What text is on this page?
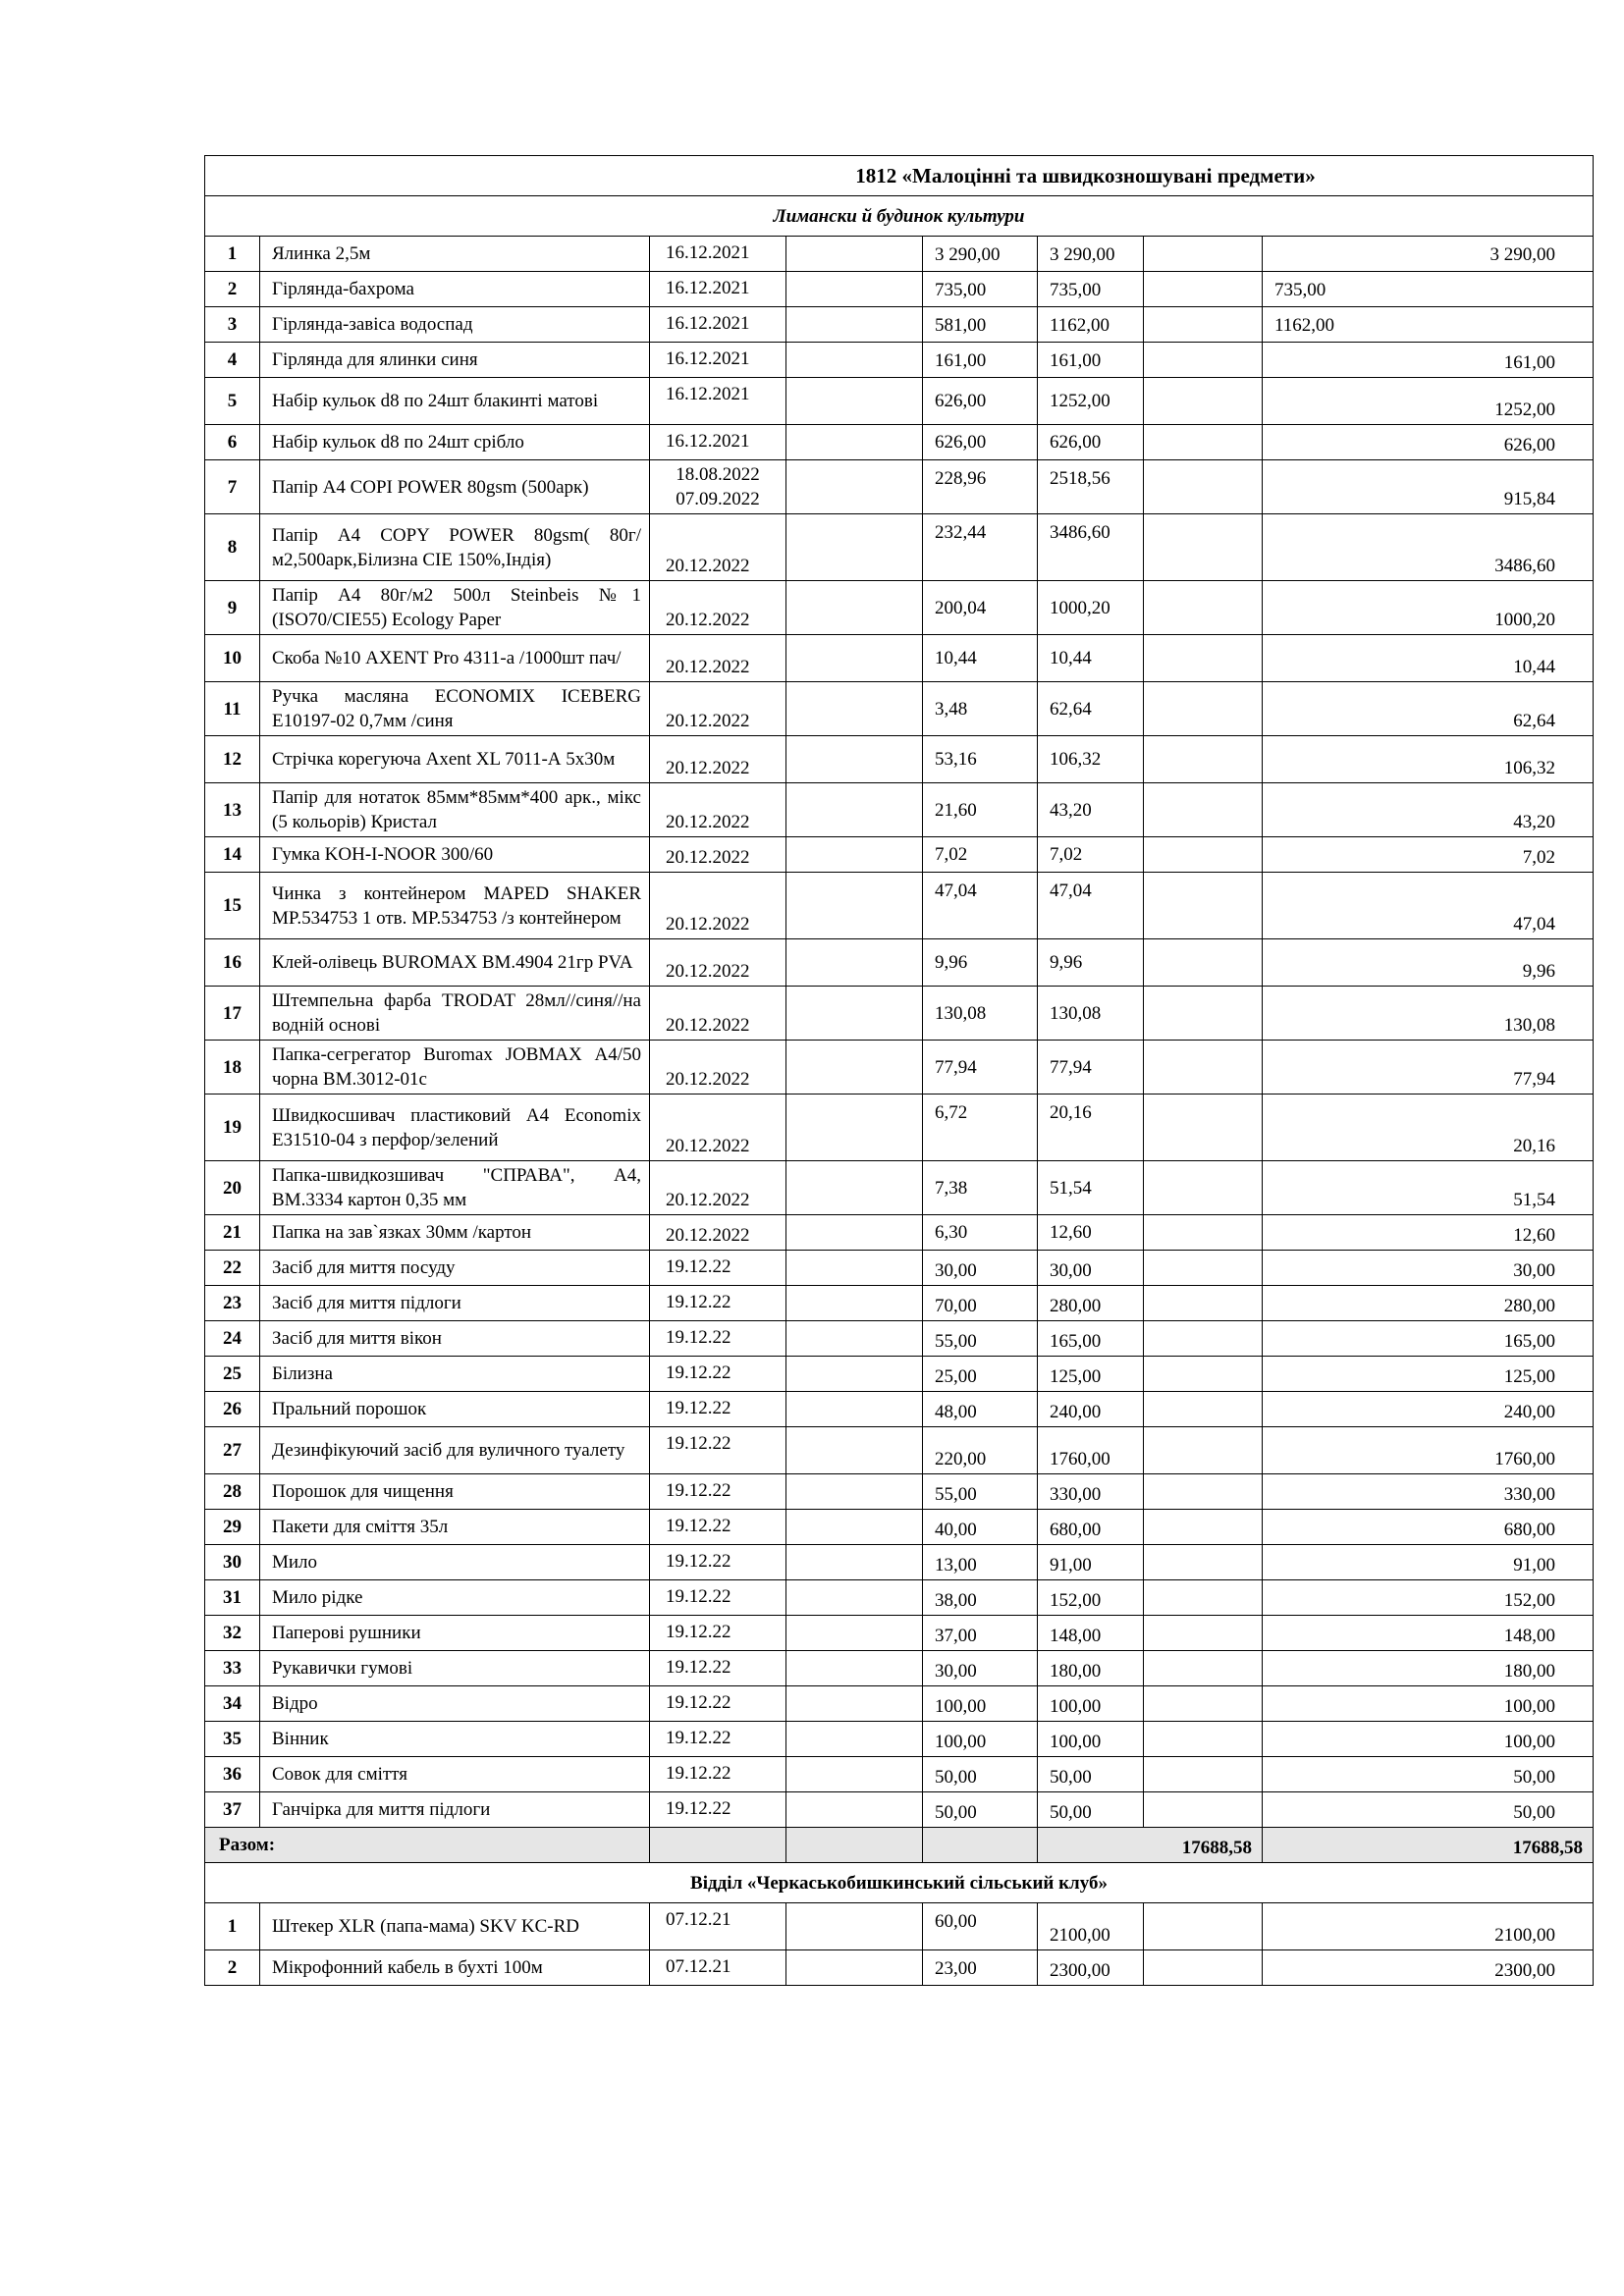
1812 «Малоцінні та швидкозношувані предмети»							
Лимански й будинок культури							
1	Ялинка 2,5м	16.12.2021		3 290,00	3 290,00		3 290,00
2	Гірлянда-бахрома	16.12.2021		735,00	735,00		735,00
3	Гірлянда-завіса водоспад	16.12.2021		581,00	1162,00		1162,00
4	Гірлянда для ялинки синя	16.12.2021		161,00	161,00		161,00
5	Набір кульок d8 по 24шт блакинті матові	16.12.2021		626,00	1252,00		1252,00
6	Набір кульок d8 по 24шт срібло	16.12.2021		626,00	626,00		626,00
7	Папір А4 COPI POWER 80gsm (500арк)	18.08.2022
07.09.2022		228,96	2518,56		915,84
8	Папір А4 COPY POWER 80gsm( 80г/м2,500арк,Білизна CIE 150%,Індія)	20.12.2022		232,44	3486,60		3486,60
9	Папір А4 80г/м2 500л Steinbeis №1 (ISO70/CIE55) Ecology Paper	20.12.2022		200,04	1000,20		1000,20
10	Скоба №10 AXENT Pro 4311-а /1000шт пач/	20.12.2022		10,44	10,44		10,44
11	Ручка масляна ECONOMIX ICEBERG E10197-02 0,7мм /синя	20.12.2022		3,48	62,64		62,64
12	Стрічка корегуюча Axent XL 7011-А 5х30м	20.12.2022		53,16	106,32		106,32
13	Папір для нотаток 85мм*85мм*400 арк., мікс (5 кольорів) Кристал	20.12.2022		21,60	43,20		43,20
14	Гумка KOH-I-NOOR 300/60	20.12.2022		7,02	7,02		7,02
15	Чинка з контейнером MAPED SHAKER MP.534753 1 отв. MP.534753 /з контейнером	20.12.2022		47,04	47,04		47,04
16	Клей-олівець BUROMAX BM.4904 21гр PVA	20.12.2022		9,96	9,96		9,96
17	Штемпельна фарба TRODAT 28мл//синя//на водній основі	20.12.2022		130,08	130,08		130,08
18	Папка-сегрегатор Buromax JOBMAX А4/50 чорна BM.3012-01с	20.12.2022		77,94	77,94		77,94
19	Швидкосшивач пластиковий А4 Economix E31510-04 з перфор/зелений	20.12.2022		6,72	20,16		20,16
20	Папка-швидкозшивач "СПРАВА", А4, BM.3334 картон 0,35 мм	20.12.2022		7,38	51,54		51,54
21	Папка на зав`язках 30мм /картон	20.12.2022		6,30	12,60		12,60
22	Засіб для миття посуду	19.12.22		30,00	30,00		30,00
23	Засіб для миття підлоги	19.12.22		70,00	280,00		280,00
24	Засіб для миття вікон	19.12.22		55,00	165,00		165,00
25	Білизна	19.12.22		25,00	125,00		125,00
26	Пральний порошок	19.12.22		48,00	240,00		240,00
27	Дезинфікуючий засіб для вуличного туалету	19.12.22		220,00	1760,00		1760,00
28	Порошок для чищення	19.12.22		55,00	330,00		330,00
29	Пакети для сміття 35л	19.12.22		40,00	680,00		680,00
30	Мило	19.12.22		13,00	91,00		91,00
31	Мило рідке	19.12.22		38,00	152,00		152,00
32	Паперові рушники	19.12.22		37,00	148,00		148,00
33	Рукавички гумові	19.12.22		30,00	180,00		180,00
34	Відро	19.12.22		100,00	100,00		100,00
35	Вінник	19.12.22		100,00	100,00		100,00
36	Совок для сміття	19.12.22		50,00	50,00		50,00
37	Ганчірка для миття підлоги	19.12.22		50,00	50,00		50,00
Разом:					17688,58		17688,58
Відділ «Черкаськобишкинський сільський клуб»							
1	Штекер XLR (папа-мама) SKV KC-RD	07.12.21		60,00	2100,00		2100,00
2	Мікрофонний кабель в бухті 100м	07.12.21		23,00	2300,00		2300,00
